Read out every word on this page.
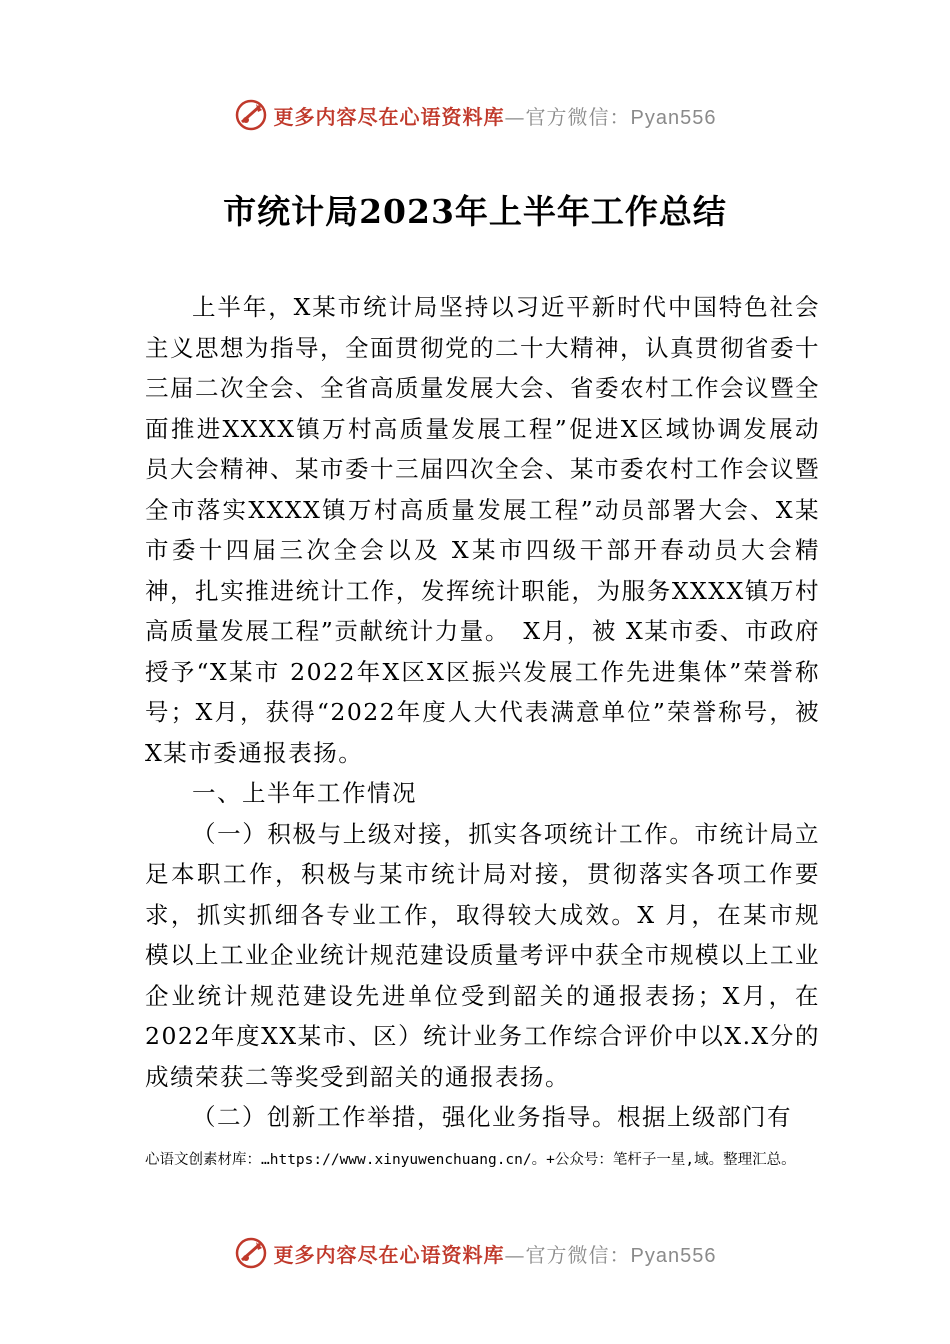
更多内容尽在心语资料库—官方微信：Pyan556
市统计局2023年上半年工作总结

上半年，X某市统计局坚持以习近平新时代中国特色社会主义思想为指导，全面贯彻党的二十大精神，认真贯彻省委十三届二次全会、全省高质量发展大会、省委农村工作会议暨全面推进XXXX镇万村高质量发展工程”促进X区域协调发展动员大会精神、某市委十三届四次全会、某市委农村工作会议暨全市落实XXXX镇万村高质量发展工程”动员部署大会、X某市委十四届三次全会以及 X某市四级干部开春动员大会精神，扎实推进统计工作，发挥统计职能，为服务XXXX镇万村高质量发展工程”贡献统计力量。　X月，被 X某市委、市政府授予“X某市 2022年X区X区振兴发展工作先进集体”荣誉称号；X月，获得“2022年度人大代表满意单位”荣誉称号，被 X某市委通报表扬。

一、上半年工作情况

（一）积极与上级对接，抓实各项统计工作。市统计局立足本职工作，积极与某市统计局对接，贯彻落实各项工作要求，抓实抓细各专业工作，取得较大成效。X 月，在某市规模以上工业企业统计规范建设质量考评中获全市规模以上工业企业统计规范建设先进单位受到韶关的通报表扬；X月，在 2022年度XX某市、区）统计业务工作综合评价中以X.X分的成绩荣获二等奖受到韶关的通报表扬。

（二）创新工作举措，强化业务指导。根据上级部门有

心语文创素材库：…https://www.xinyuwenchuang.cn/。+公众号：笔杆子一星,域。整理汇总。
更多内容尽在心语资料库—官方微信：Pyan556
